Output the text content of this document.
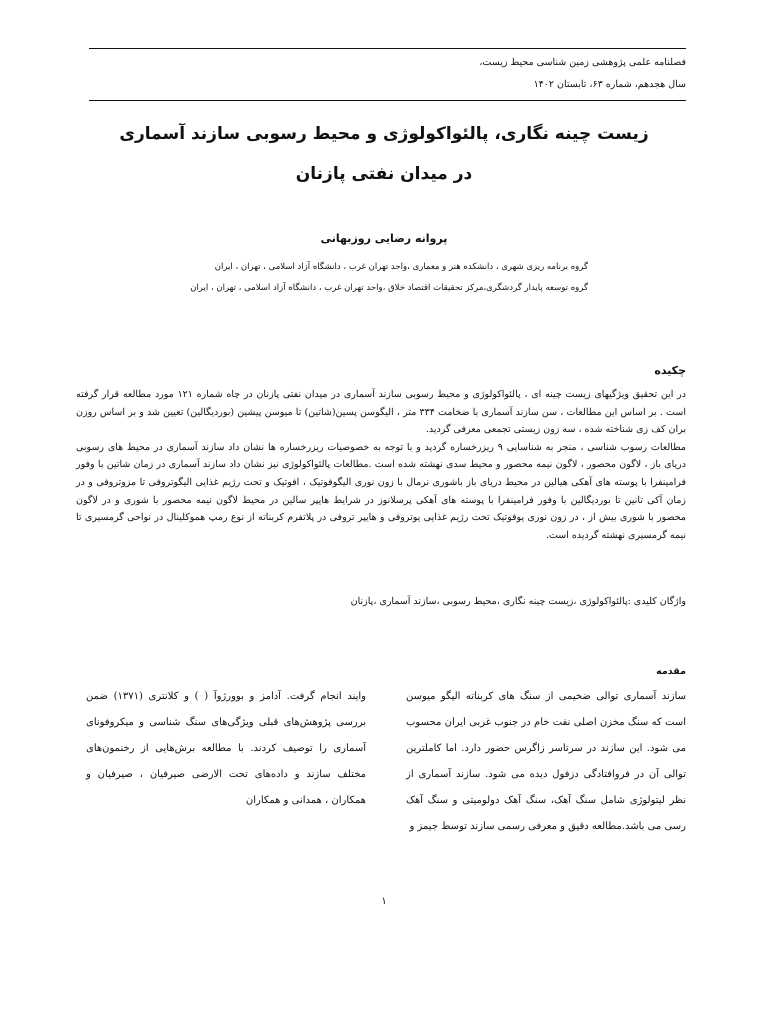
فصلنامه علمی پژوهشی زمین شناسی محیط زیست،
سال هجدهم، شماره ۶۳، تابستان ۱۴۰۲
زیست چینه نگاری، پالئواکولوژی و محیط رسوبی سازند آسماری
در میدان نفتی پازنان
پروانه رضایی روزبهانی
گروه برنامه ریزی شهری ، دانشکده هنر و معماری ،واحد تهران غرب ، دانشگاه آزاد اسلامی ، تهران ، ایران
گروه توسعه پایدار گردشگری،مرکز تحقیقات اقتصاد خلاق ،واحد تهران غرب ، دانشگاه آزاد اسلامی ، تهران ، ایران
چکیده

در این تحقیق ویژگیهای زیست چینه ای ، پالئواکولوژی و محیط رسوبی سازند آسماری در میدان نفتی پازنان در چاه شماره ۱۲۱ مورد مطالعه قرار گرفته است . بر اساس این مطالعات ، سن سازند آسماری با ضخامت ۳۳۴ متر ، الیگوسن پسین(شاتین) تا میوسن پیشین (بوردیگالین) تعیین شد و بر اساس روزن بران کف زی شناخته شده ، سه زون زیستی تجمعی معرفی گردید.

مطالعات رسوب شناسی ، منجر به شناسایی ۹ ریزرخساره گردید و با توجه به خصوصیات ریزرخساره ها نشان داد سازند آسماری در محیط های رسوبی دریای باز ، لاگون محصور ، لاگون نیمه محصور و محیط سدی نهشته شده است .مطالعات پالئواکولوژی نیز نشان داد سازند آسماری در زمان شاتین با وفور فرامینفرا با پوسته های آهکی هیالین در محیط دریای باز باشوری نرمال با زون نوری الیگوفوتیک ، افوتیک و تحت رژیم غذایی الیگوتروفی تا مزوتروفی و در زمان آکی تانین تا بوردیگالین با وفور فرامینفرا با پوسته های آهکی پرسلانوز در شرایط هایپر سالین در محیط لاگون نیمه محصور با شوری و در لاگون محصور با شوری بیش از ، در زون نوری یوفوتیک تحت رژیم غذایی یوتروفی و هایپر تروفی در پلاتفرم کربناته از نوع رمپ هموکلینال در نواحی گرمسیری تا نیمه گرمسیری نهشته گردیده است.

واژگان کلیدی :پالئواکولوژی ،زیست چینه نگاری ،محیط رسوبی ،سازند آسماری ،پازنان
مقدمه

سازند آسماری توالی ضخیمی از سنگ های کربناته الیگو میوسن است که سنگ مخزن اصلی نفت خام در جنوب غربی ایران محسوب می شود. این سازند در سرتاسر زاگرس حضور دارد. اما کاملترین توالی آن در فروافتادگی دزفول دیده می شود. سازند آسماری از نظر لیتولوژی شامل سنگ آهک، سنگ آهک دولومیتی و سنگ آهک رسی می باشد.مطالعه دقیق و معرفی رسمی سازند توسط جیمز و

وایند انجام گرفت. آدامز و بوورژوآ ( ) و کلانتری (۱۳۷۱) ضمن بررسی پژوهش‌های قبلی ویژگی‌های سنگ شناسی و میکروفونای آسماری را توصیف کردند. با مطالعه برش‌هایی از رخنمون‌های مختلف سازند و داده‌های تحت الارضی صیرفیان ، صیرفیان و همکاران ، همدانی و همکاران

۱
